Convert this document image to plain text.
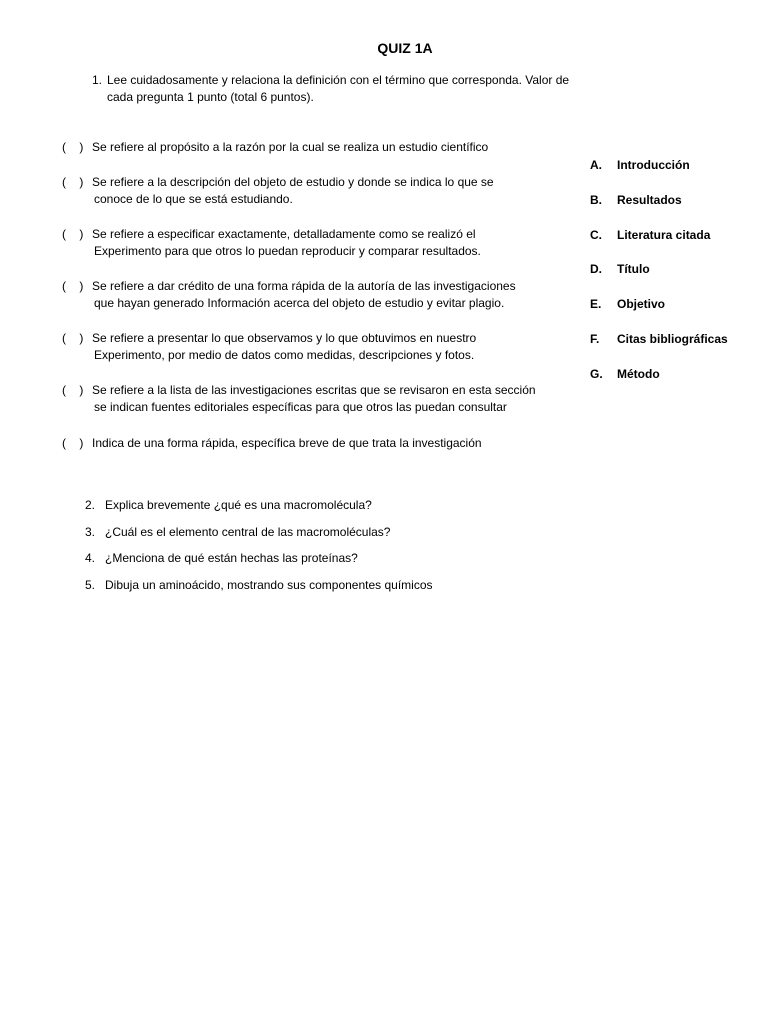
QUIZ 1A
1. Lee cuidadosamente y relaciona la definición con el término que corresponda. Valor de
cada pregunta 1 punto (total 6 puntos).
(    ) Se refiere al propósito a la razón por la cual se realiza un estudio científico
(    ) Se refiere a la descripción del objeto de estudio y donde se indica lo que se
conoce de lo que se está estudiando.
(    ) Se refiere a especificar exactamente, detalladamente como se realizó el
Experimento para que otros lo puedan reproducir y comparar resultados.
(    ) Se refiere a dar crédito de una forma rápida de la autoría de las investigaciones
que hayan generado Información acerca del objeto de estudio y evitar plagio.
(    ) Se refiere a presentar lo que observamos y lo que obtuvimos en nuestro
Experimento, por medio de datos como medidas, descripciones y fotos.
(    ) Se refiere a la lista de las investigaciones escritas que se revisaron en esta sección
se indican fuentes editoriales específicas para que otros las puedan consultar
(    ) Indica de una forma rápida, específica breve de que trata la investigación
A. Introducción
B. Resultados
C. Literatura citada
D. Título
E. Objetivo
F. Citas bibliográficas
G. Método
2. Explica brevemente ¿qué es una macromolécula?
3. ¿Cuál es el elemento central de las macromoléculas?
4. ¿Menciona de qué están hechas las proteínas?
5. Dibuja un aminoácido, mostrando sus componentes químicos
